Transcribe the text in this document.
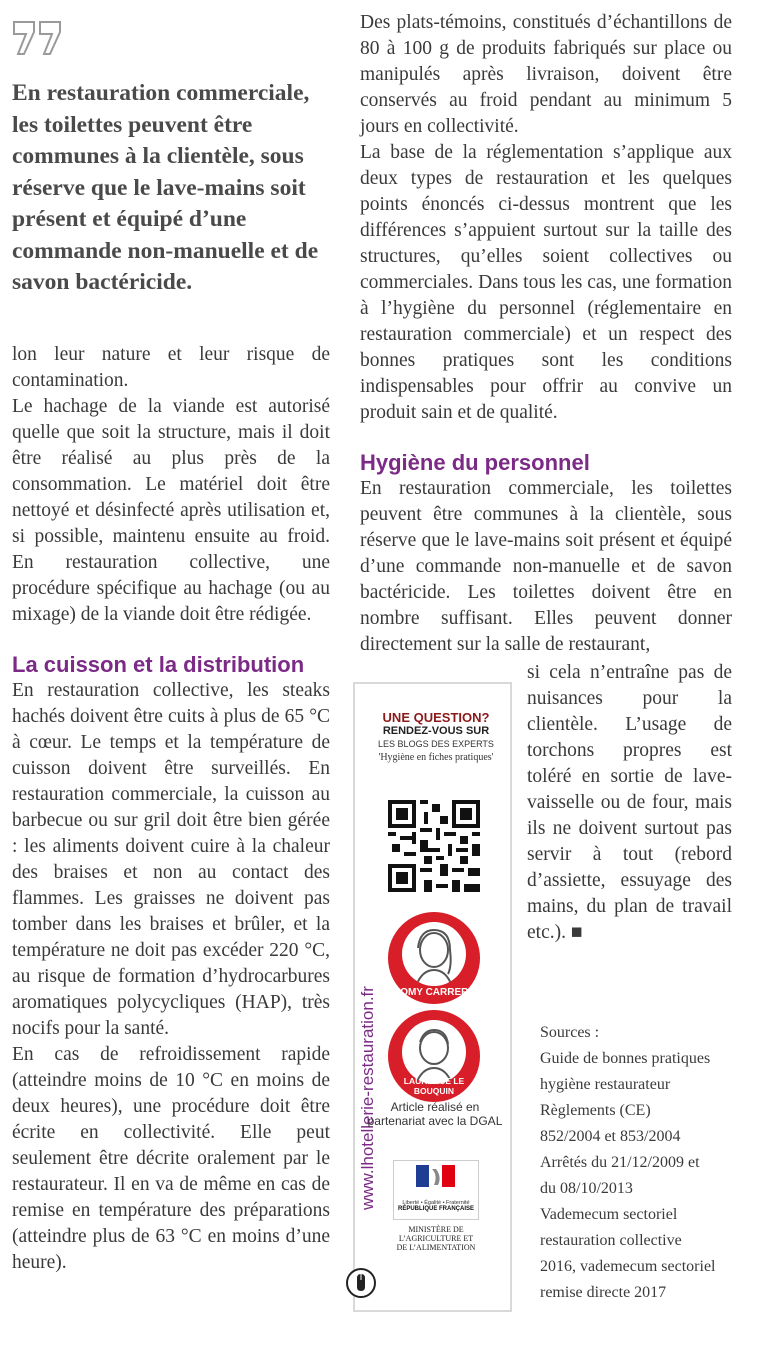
En restauration commerciale, les toilettes peuvent être communes à la clientèle, sous réserve que le lave-mains soit présent et équipé d’une commande non-manuelle et de savon bactéricide.

lon leur nature et leur risque de contamination.

Le hachage de la viande est autorisé quelle que soit la structure, mais il doit être réalisé au plus près de la consommation. Le matériel doit être nettoyé et désinfecté après utilisation et, si possible, maintenu ensuite au froid. En restauration collective, une procédure spécifique au hachage (ou au mixage) de la viande doit être rédigée.

La cuisson et la distribution

En restauration collective, les steaks hachés doivent être cuits à plus de 65 °C à cœur. Le temps et la température de cuisson doivent être surveillés. En restauration commerciale, la cuisson au barbecue ou sur gril doit être bien gérée : les aliments doivent cuire à la chaleur des braises et non au contact des flammes. Les graisses ne doivent pas tomber dans les braises et brûler, et la température ne doit pas excéder 220 °C, au risque de formation d’hydrocarbures aromatiques polycycliques (HAP), très nocifs pour la santé.

En cas de refroidissement rapide (atteindre moins de 10 °C en moins de deux heures), une procédure doit être écrite en collectivité. Elle peut seulement être décrite oralement par le restaurateur. Il en va de même en cas de remise en température des préparations (atteindre plus de 63 °C en moins d’une heure).

Des plats-témoins, constitués d’échantillons de 80 à 100 g de produits fabriqués sur place ou manipulés après livraison, doivent être conservés au froid pendant au minimum 5 jours en collectivité.

La base de la réglementation s’applique aux deux types de restauration et les quelques points énoncés ci-dessus montrent que les différences s’appuient surtout sur la taille des structures, qu’elles soient collectives ou commerciales. Dans tous les cas, une formation à l’hygiène du personnel (réglementaire en restauration commerciale) et un respect des bonnes pratiques sont les conditions indispensables pour offrir au convive un produit sain et de qualité.

Hygiène du personnel

En restauration commerciale, les toilettes peuvent être communes à la clientèle, sous réserve que le lave-mains soit présent et équipé d’une commande non-manuelle et de savon bactéricide. Les toilettes doivent être en nombre suffisant. Elles peuvent donner directement sur la salle de restaurant,

si cela n’entraîne pas de nuisances pour la clientèle. L’usage de torchons propres est toléré en sortie de lave-vaisselle ou de four, mais ils ne doivent surtout pas servir à tout (rebord d’assiette, essuyage des mains, du plan de travail etc.). ■

www.lhotellerie-restauration.fr
UNE QUESTION?
RENDEZ-VOUS SUR
LES BLOGS DES EXPERTS
'Hygiène en fiches pratiques'
ROMY CARRERE
LAURENCE LE BOUQUIN
Article réalisé en partenariat avec la DGAL
Liberté • Égalité • Fraternité
RÉPUBLIQUE FRANÇAISE
MINISTÈRE DE L’AGRICULTURE ET DE L’ALIMENTATION
Sources :
Guide de bonnes pratiques
hygiène restaurateur
Règlements (CE)
852/2004 et 853/2004
Arrêtés du 21/12/2009 et
du 08/10/2013
Vademecum sectoriel
restauration collective
2016, vademecum sectoriel
remise directe 2017
